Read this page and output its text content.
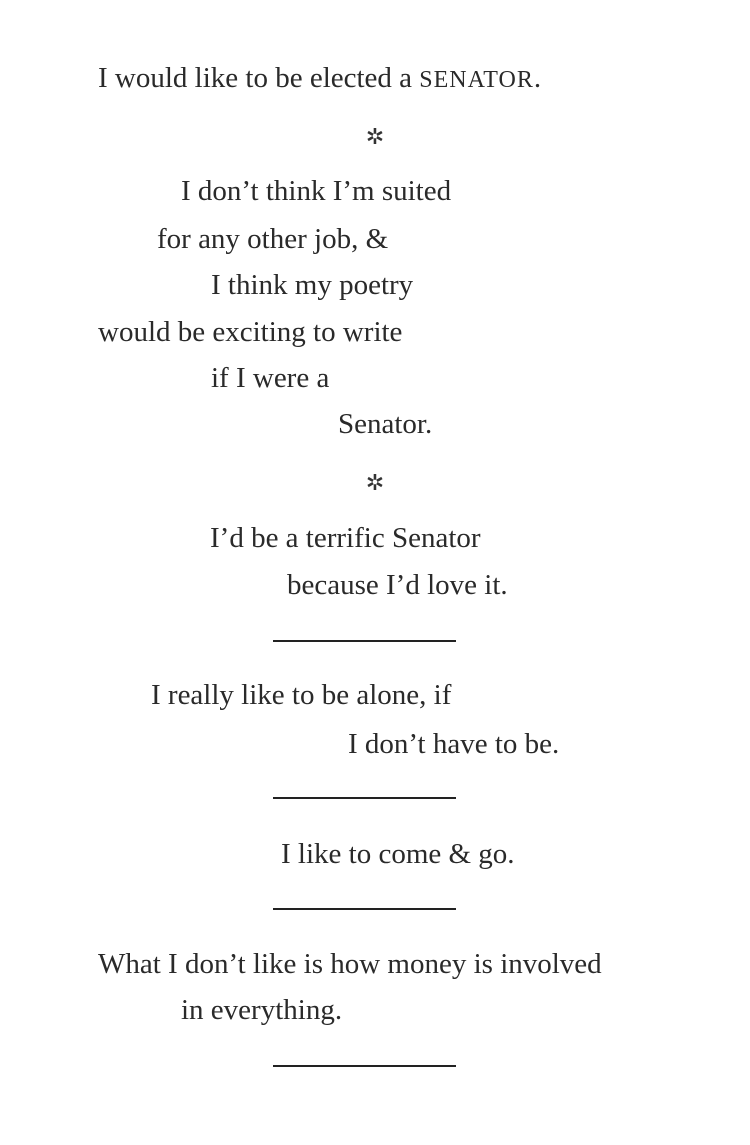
I would like to be elected a SENATOR.
✲
I don’t think I’m suited
for any other job, &
I think my poetry
would be exciting to write
if I were a
Senator.
✲
I’d be a terrific Senator
because I’d love it.
I really like to be alone, if
I don’t have to be.
I like to come & go.
What I don’t like is how money is involved
in everything.
